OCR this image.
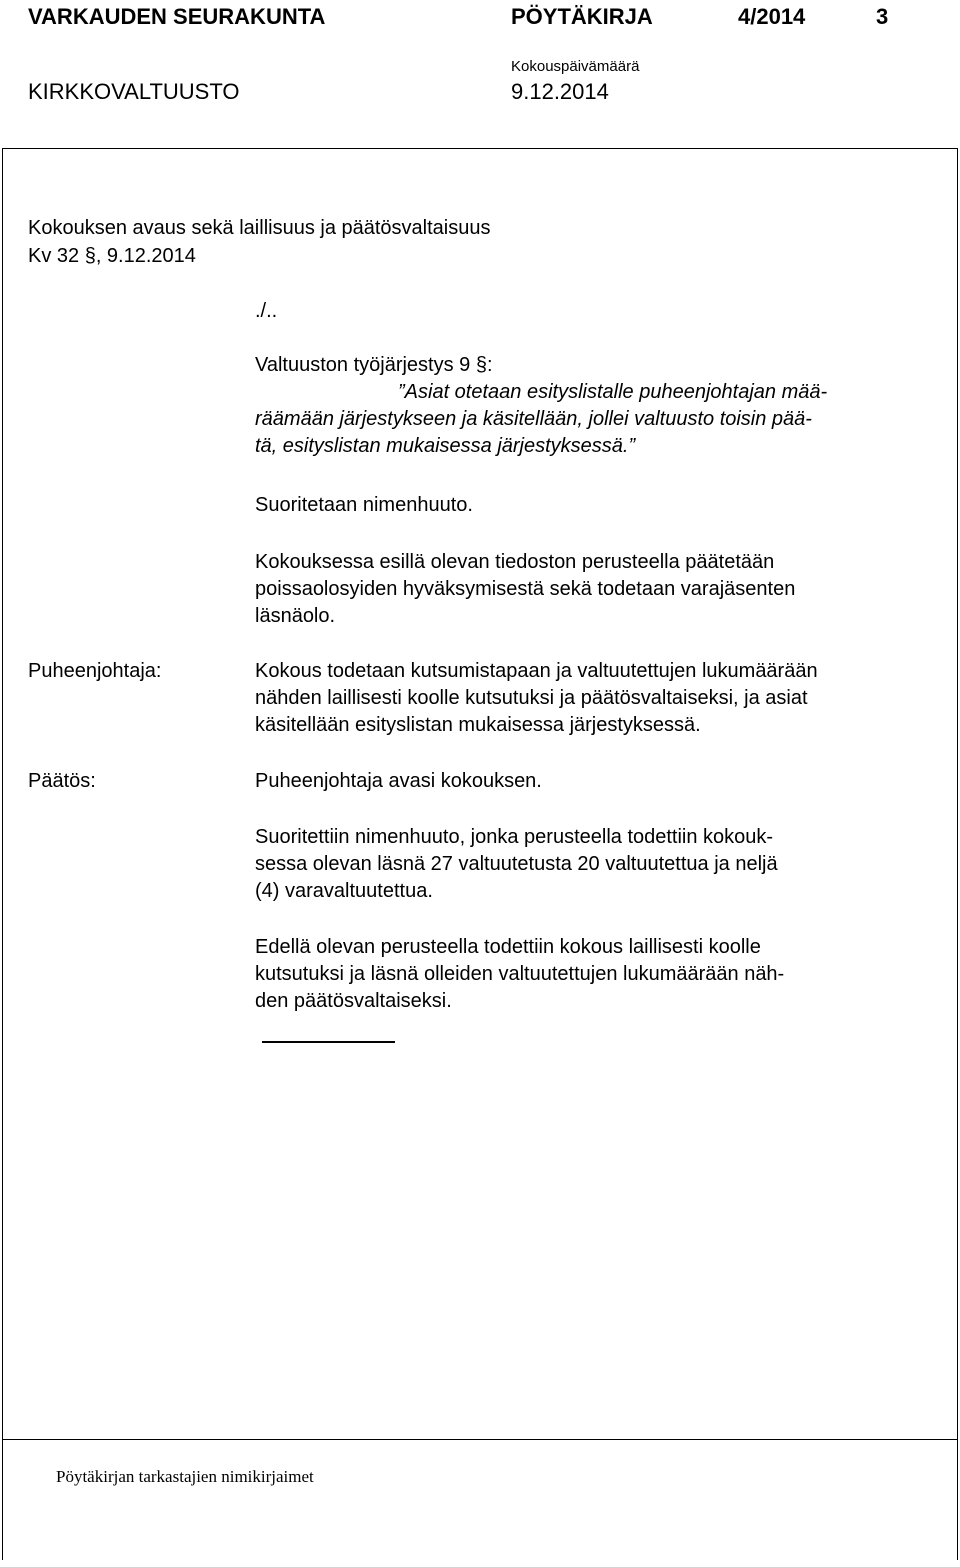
VARKAUDEN SEURAKUNTA	PÖYTÄKIRJA	4/2014	3
Kokouspäivämäärä
KIRKKOVALTUUSTO	9.12.2014
Kokouksen avaus sekä laillisuus ja päätösvaltaisuus
Kv 32 §, 9.12.2014
./..
Valtuuston työjärjestys 9 §:
”Asiat otetaan esityslistalle puheenjohtajan mää-
räämään järjestykseen ja käsitellään, jollei valtuusto toisin pää-
tä, esityslistan mukaisessa järjestyksessä.”
Suoritetaan nimenhuuto.
Kokouksessa esillä olevan tiedoston perusteella päätetään
poissaolosyiden hyväksymisestä sekä todetaan varajäsenten
läsnäolo.
Puheenjohtaja:	Kokous todetaan kutsumistapaan ja valtuutettujen lukumäärään
nähden laillisesti koolle kutsutuksi ja päätösvaltaiseksi, ja asiat
käsitellään esityslistan mukaisessa järjestyksessä.
Päätös:	Puheenjohtaja avasi kokouksen.
Suoritettiin nimenhuuto, jonka perusteella todettiin kokouk-
sessa olevan läsnä 27 valtuutetusta 20 valtuutettua ja neljä
(4) varavaltuutettua.
Edellä olevan perusteella todettiin kokous laillisesti koolle
kutsutuksi ja läsnä olleiden valtuutettujen lukumäärään näh-
den päätösvaltaiseksi.
Pöytäkirjan tarkastajien nimikirjaimet
